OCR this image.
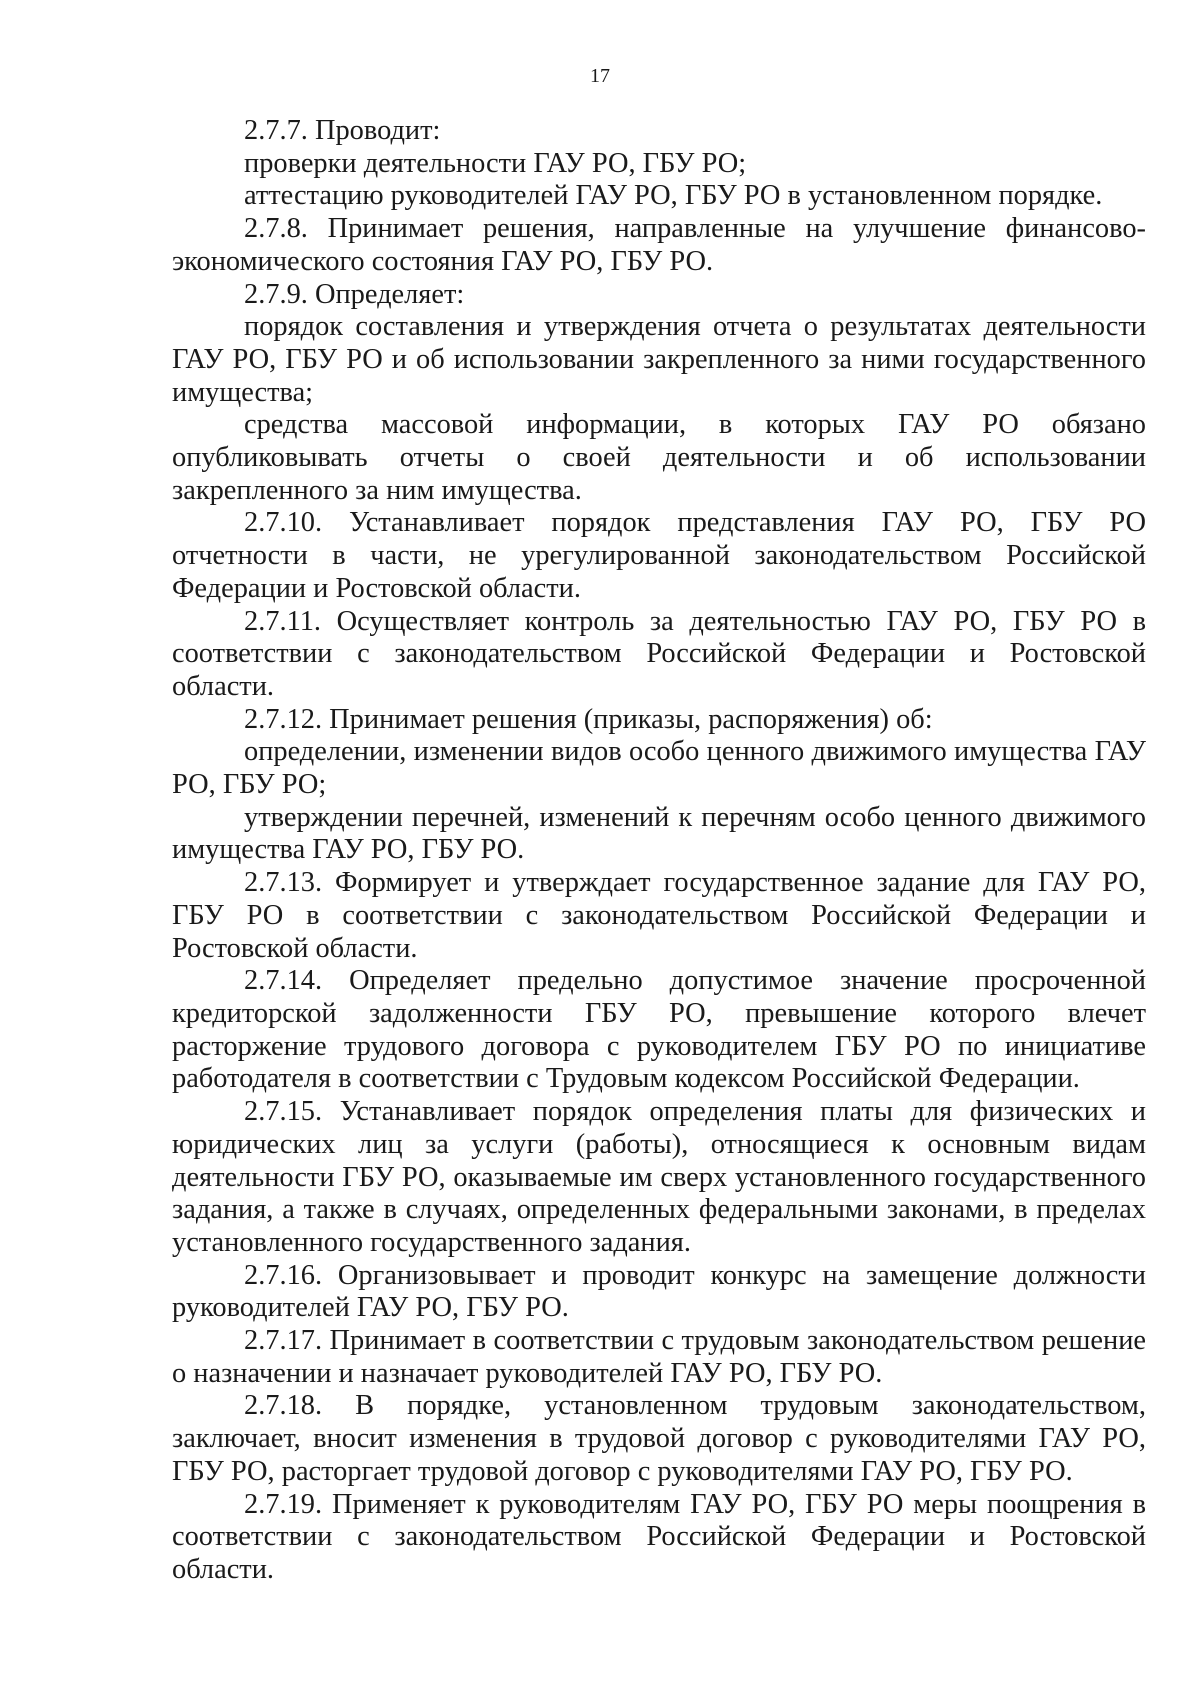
17

2.7.7. Проводит:

проверки деятельности ГАУ РО, ГБУ РО;

аттестацию руководителей ГАУ РО, ГБУ РО в установленном порядке.

2.7.8. Принимает решения, направленные на улучшение финансово-экономического состояния ГАУ РО, ГБУ РО.

2.7.9. Определяет:

порядок составления и утверждения отчета о результатах деятельности ГАУ РО, ГБУ РО и об использовании закрепленного за ними государственного имущества;

средства массовой информации, в которых ГАУ РО обязано опубликовывать отчеты о своей деятельности и об использовании закрепленного за ним имущества.

2.7.10. Устанавливает порядок представления ГАУ РО, ГБУ РО отчетности в части, не урегулированной законодательством Российской Федерации и Ростовской области.

2.7.11. Осуществляет контроль за деятельностью ГАУ РО, ГБУ РО в соответствии с законодательством Российской Федерации и Ростовской области.

2.7.12. Принимает решения (приказы, распоряжения) об:

определении, изменении видов особо ценного движимого имущества ГАУ РО, ГБУ РО;

утверждении перечней, изменений к перечням особо ценного движимого имущества ГАУ РО, ГБУ РО.

2.7.13. Формирует и утверждает государственное задание для ГАУ РО, ГБУ РО в соответствии с законодательством Российской Федерации и Ростовской области.

2.7.14. Определяет предельно допустимое значение просроченной кредиторской задолженности ГБУ РО, превышение которого влечет расторжение трудового договора с руководителем ГБУ РО по инициативе работодателя в соответствии с Трудовым кодексом Российской Федерации.

2.7.15. Устанавливает порядок определения платы для физических и юридических лиц за услуги (работы), относящиеся к основным видам деятельности ГБУ РО, оказываемые им сверх установленного государственного задания, а также в случаях, определенных федеральными законами, в пределах установленного государственного задания.

2.7.16. Организовывает и проводит конкурс на замещение должности руководителей ГАУ РО, ГБУ РО.

2.7.17. Принимает в соответствии с трудовым законодательством решение о назначении и назначает руководителей ГАУ РО, ГБУ РО.

2.7.18. В порядке, установленном трудовым законодательством, заключает, вносит изменения в трудовой договор с руководителями ГАУ РО, ГБУ РО, расторгает трудовой договор с руководителями ГАУ РО, ГБУ РО.

2.7.19. Применяет к руководителям ГАУ РО, ГБУ РО меры поощрения в соответствии с законодательством Российской Федерации и Ростовской области.
